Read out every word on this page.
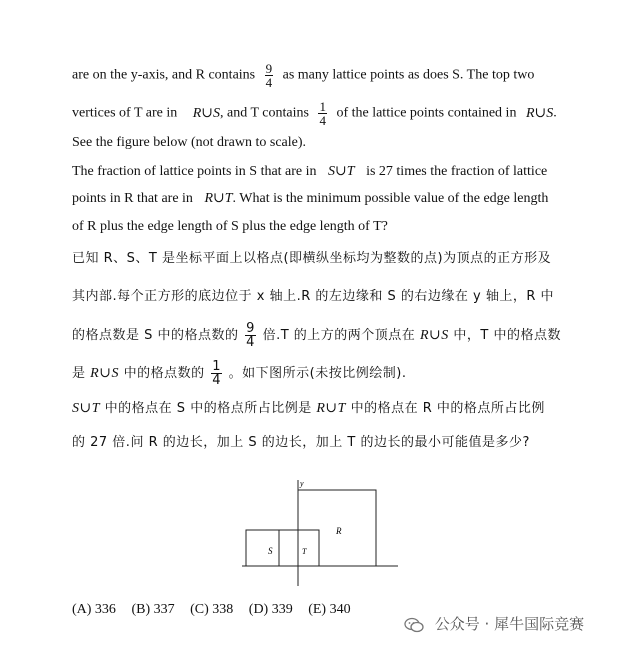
are on the y-axis, and R contains $\frac{9}{4}$ as many lattice points as does S. The top two
vertices of T are in R∪S, and T contains $\frac{1}{4}$ of the lattice points contained in R∪S.
See the figure below (not drawn to scale).
The fraction of lattice points in S that are in S∪T is 27 times the fraction of lattice
points in R that are in R∪T. What is the minimum possible value of the edge length
of R plus the edge length of S plus the edge length of T?
已知 R、S、T 是坐标平面上以格点(即横纵坐标均为整数的点)为顶点的正方形及
其内部.每个正方形的底边位于 x 轴上.R 的左边缘和 S 的右边缘在 y 轴上，R 中
的格点数是 S 中的格点数的 $\frac{9}{4}$ 倍.T 的上方的两个顶点在 R∪S 中，T 中的格点数
是 R∪S 中的格点数的 $\frac{1}{4}$ 。如下图所示(未按比例绘制).
S∪T 中的格点在 S 中的格点所占比例是 R∪T 中的格点在 R 中的格点所占比例
的 27 倍.问 R 的边长，加上 S 的边长，加上 T 的边长的最小可能值是多少?
y
R
S	T
(A) 336 (B) 337 (C) 338 (D) 339 (E) 340
公众号 · 犀牛国际竞赛
